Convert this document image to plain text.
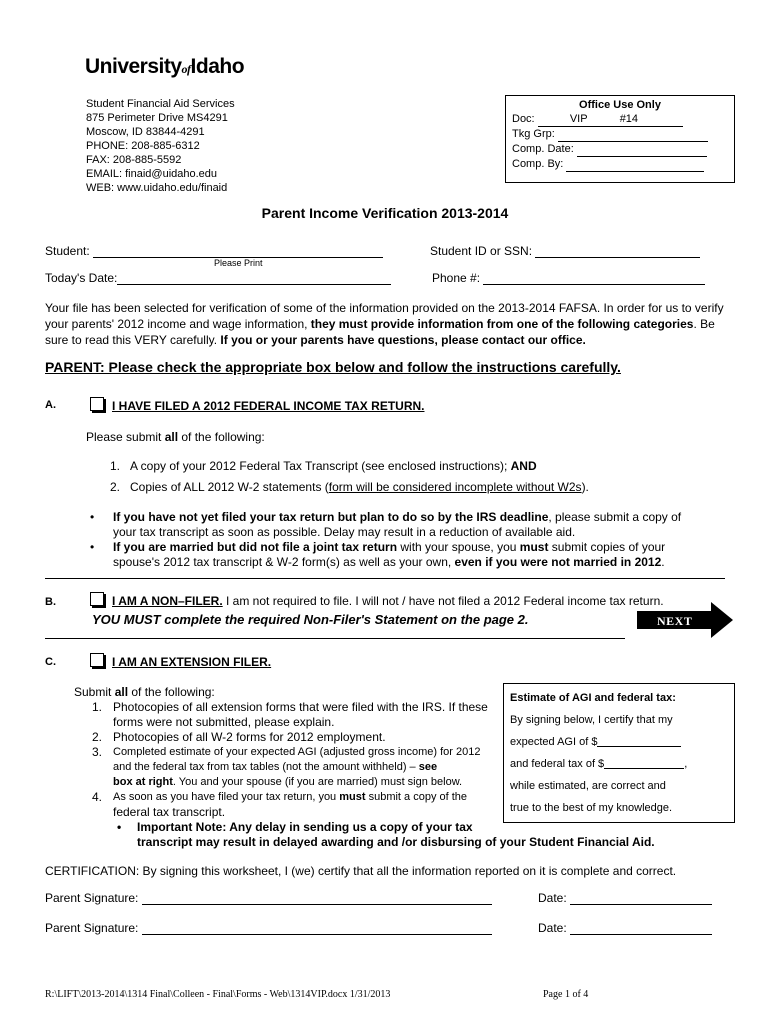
UniversityofIdaho
Student Financial Aid Services
875 Perimeter Drive MS4291
Moscow, ID 83844-4291
PHONE: 208-885-6312
FAX: 208-885-5592
EMAIL: finaid@uidaho.edu
WEB: www.uidaho.edu/finaid
Office Use Only
Doc:	VIP	#14
Tkg Grp:
Comp. Date:
Comp. By:
Parent Income Verification 2013-2014
Student:
Please Print
Student ID or SSN:
Today's Date:	Phone #:
Your file has been selected for verification of some of the information provided on the 2013-2014 FAFSA. In order for us to verify your parents' 2012 income and wage information, they must provide information from one of the following categories. Be sure to read this VERY carefully. If you or your parents have questions, please contact our office.
PARENT: Please check the appropriate box below and follow the instructions carefully.
A.	I HAVE FILED A 2012 FEDERAL INCOME TAX RETURN.
Please submit all of the following:
1. A copy of your 2012 Federal Tax Transcript (see enclosed instructions); AND
2. Copies of ALL 2012 W-2 statements (form will be considered incomplete without W2s).
•	If you have not yet filed your tax return but plan to do so by the IRS deadline, please submit a copy of
your tax transcript as soon as possible. Delay may result in a reduction of available aid.
•	If you are married but did not file a joint tax return with your spouse, you must submit copies of your
spouse's 2012 tax transcript & W-2 form(s) as well as your own, even if you were not married in 2012.
B.	I AM A NON–FILER. I am not required to file. I will not / have not filed a 2012 Federal income tax return.
YOU MUST complete the required Non-Filer's Statement on the page 2.	NEXT
C.	I AM AN EXTENSION FILER.
Submit all of the following:
1. Photocopies of all extension forms that were filed with the IRS. If these
forms were not submitted, please explain.
2. Photocopies of all W-2 forms for 2012 employment.
3. Completed estimate of your expected AGI (adjusted gross income) for 2012
and the federal tax from tax tables (not the amount withheld) – see
box at right. You and your spouse (if you are married) must sign below.
4. As soon as you have filed your tax return, you must submit a copy of the
federal tax transcript.
•	Important Note: Any delay in sending us a copy of your tax
transcript may result in delayed awarding and /or disbursing of your Student Financial Aid.
Estimate of AGI and federal tax:
By signing below, I certify that my
expected AGI of $
and federal tax of $	,
while estimated, are correct and
true to the best of my knowledge.
CERTIFICATION: By signing this worksheet, I (we) certify that all the information reported on it is complete and correct.
Parent Signature:	Date:
Parent Signature:	Date:
R:\LIFT\2013-2014\1314 Final\Colleen - Final\Forms - Web\1314VIP.docx 1/31/2013	Page 1 of 4
